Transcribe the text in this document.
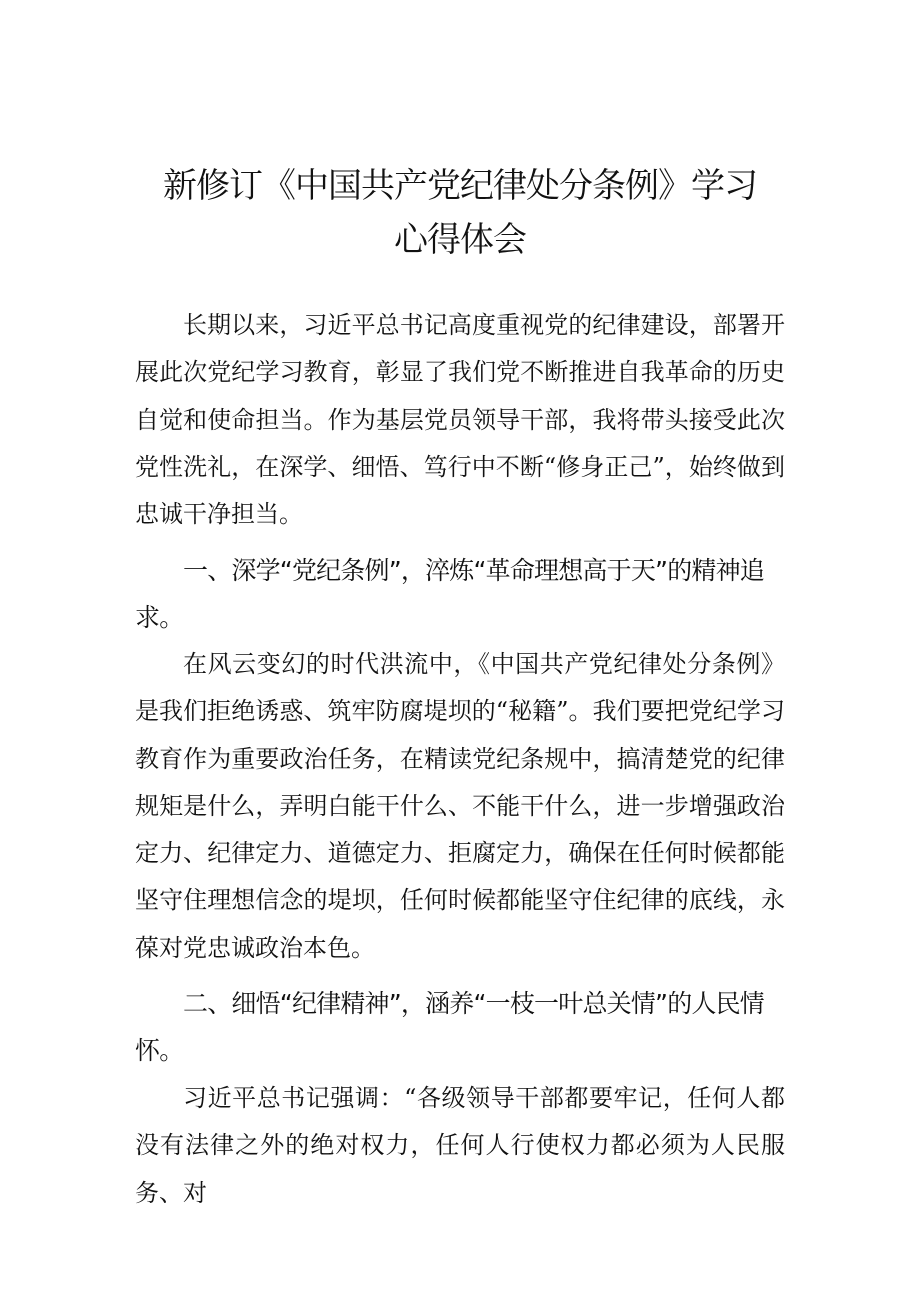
新修订《中国共产党纪律处分条例》学习
心得体会

长期以来，习近平总书记高度重视党的纪律建设，部署开展此次党纪学习教育，彰显了我们党不断推进自我革命的历史自觉和使命担当。作为基层党员领导干部，我将带头接受此次党性洗礼，在深学、细悟、笃行中不断“修身正己”，始终做到忠诚干净担当。

一、深学“党纪条例”，淬炼“革命理想高于天”的精神追求。

在风云变幻的时代洪流中，《中国共产党纪律处分条例》是我们拒绝诱惑、筑牢防腐堤坝的“秘籍”。我们要把党纪学习教育作为重要政治任务，在精读党纪条规中，搞清楚党的纪律规矩是什么，弄明白能干什么、不能干什么，进一步增强政治定力、纪律定力、道德定力、拒腐定力，确保在任何时候都能坚守住理想信念的堤坝，任何时候都能坚守住纪律的底线，永葆对党忠诚政治本色。

二、细悟“纪律精神”，涵养“一枝一叶总关情”的人民情怀。

习近平总书记强调：“各级领导干部都要牢记，任何人都没有法律之外的绝对权力，任何人行使权力都必须为人民服务、对
